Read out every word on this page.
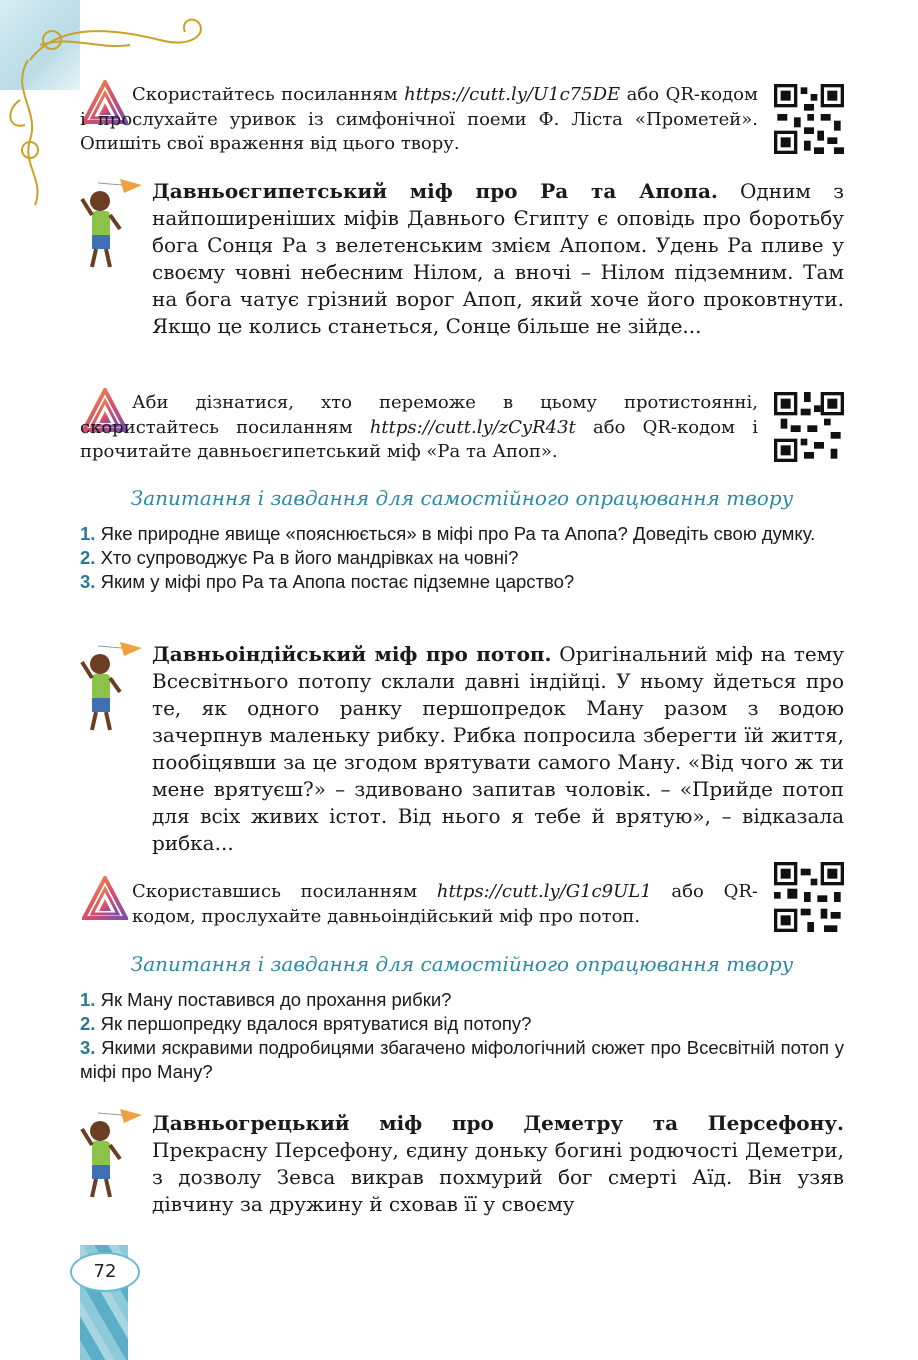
Скористайтесь посиланням https://cutt.ly/U1c75DE або QR-кодом і прослухайте уривок із симфонічної поеми Ф. Ліста «Прометей». Опишіть свої враження від цього твору.

Давньоєгипетський міф про Ра та Апопа. Одним з найпоширеніших міфів Давнього Єгипту є оповідь про боротьбу бога Сонця Ра з велетенським змієм Апопом. Удень Ра пливе у своєму човні небесним Нілом, а вночі – Нілом підземним. Там на бога чатує грізний ворог Апоп, який хоче його проковтнути. Якщо це колись станеться, Сонце більше не зійде...

Аби дізнатися, хто переможе в цьому протистоянні, скористайтесь посиланням https://cutt.ly/zCyR43t або QR-кодом і прочитайте давньоєгипетський міф «Ра та Апоп».

Запитання і завдання для самостійного опрацювання твору
1. Яке природне явище «пояснюється» в міфі про Ра та Апопа? Доведіть свою думку.
2. Хто супроводжує Ра в його мандрівках на човні?
3. Яким у міфі про Ра та Апопа постає підземне царство?

Давньоіндійський міф про потоп. Оригінальний міф на тему Всесвітнього потопу склали давні індійці. У ньому йдеться про те, як одного ранку першопредок Ману разом з водою зачерпнув маленьку рибку. Рибка попросила зберегти їй життя, пообіцявши за це згодом врятувати самого Ману. «Від чого ж ти мене врятуєш?» – здивовано запитав чоловік. – «Прийде потоп для всіх живих істот. Від нього я тебе й врятую», – відказала рибка...

Скориставшись посиланням https://cutt.ly/G1c9UL1 або QR-кодом, прослухайте давньоіндійський міф про потоп.

Запитання і завдання для самостійного опрацювання твору
1. Як Ману поставився до прохання рибки?
2. Як першопредку вдалося врятуватися від потопу?
3. Якими яскравими подробицями збагачено міфологічний сюжет про Всесвітній потоп у міфі про Ману?

Давньогрецький міф про Деметру та Персефону. Прекрасну Персефону, єдину доньку богині родючості Деметри, з дозволу Зевса викрав похмурий бог смерті Аїд. Він узяв дівчину за дружину й сховав її у своєму

72
